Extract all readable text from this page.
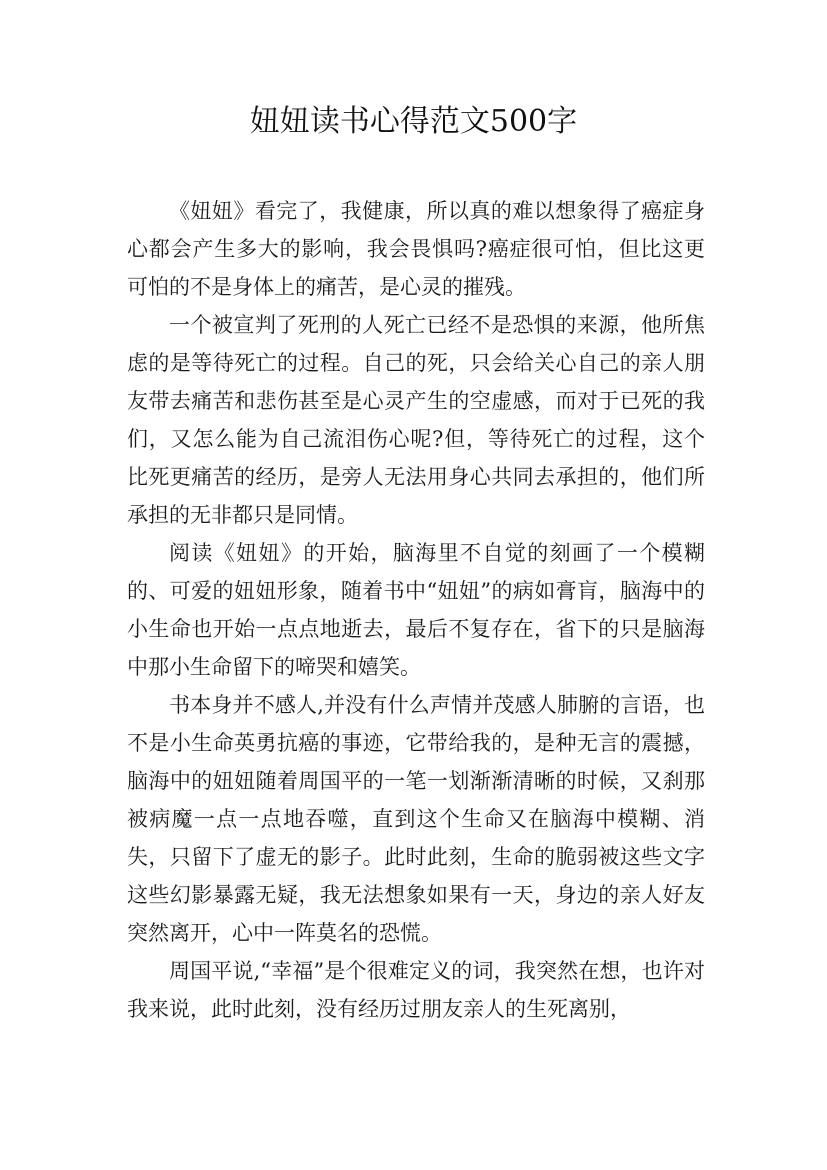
妞妞读书心得范文500字

《妞妞》看完了，我健康，所以真的难以想象得了癌症身心都会产生多大的影响，我会畏惧吗?癌症很可怕，但比这更可怕的不是身体上的痛苦，是心灵的摧残。

一个被宣判了死刑的人死亡已经不是恐惧的来源，他所焦虑的是等待死亡的过程。自己的死，只会给关心自己的亲人朋友带去痛苦和悲伤甚至是心灵产生的空虚感，而对于已死的我们，又怎么能为自己流泪伤心呢?但，等待死亡的过程，这个比死更痛苦的经历，是旁人无法用身心共同去承担的，他们所承担的无非都只是同情。

阅读《妞妞》的开始，脑海里不自觉的刻画了一个模糊的、可爱的妞妞形象，随着书中“妞妞”的病如膏肓，脑海中的小生命也开始一点点地逝去，最后不复存在，省下的只是脑海中那小生命留下的啼哭和嬉笑。

书本身并不感人,并没有什么声情并茂感人肺腑的言语，也不是小生命英勇抗癌的事迹，它带给我的，是种无言的震撼，脑海中的妞妞随着周国平的一笔一划渐渐清晰的时候，又刹那被病魔一点一点地吞噬，直到这个生命又在脑海中模糊、消失，只留下了虚无的影子。此时此刻，生命的脆弱被这些文字这些幻影暴露无疑，我无法想象如果有一天，身边的亲人好友突然离开，心中一阵莫名的恐慌。

周国平说,“幸福”是个很难定义的词，我突然在想，也许对我来说，此时此刻，没有经历过朋友亲人的生死离别，
